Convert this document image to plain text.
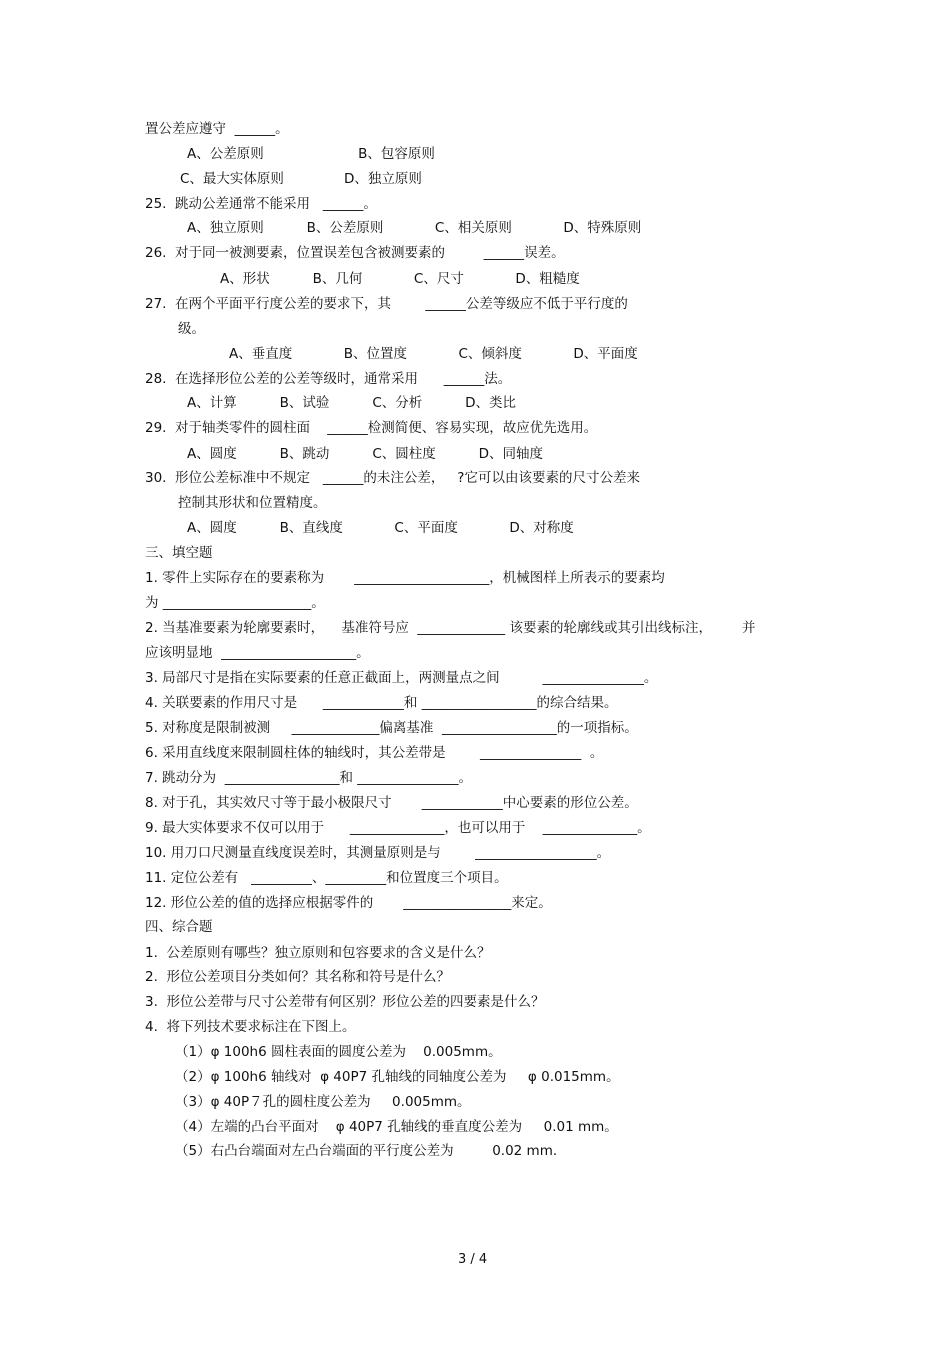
置公差应遵守  ______。
A、公差原则                      B、包容原则
C、最大实体原则              D、独立原则
25.  跳动公差通常不能采用   ______。
A、独立原则          B、公差原则            C、相关原则            D、特殊原则
26.  对于同一被测要素，位置误差包含被测要素的         ______误差。
A、形状          B、几何            C、尺寸            D、粗糙度
27.  在两个平面平行度公差的要求下，其        ______公差等级应不低于平行度的
级。
A、垂直度            B、位置度            C、倾斜度            D、平面度
28.  在选择形位公差的公差等级时，通常采用      ______法。
A、计算          B、试验          C、分析          D、类比
29.  对于轴类零件的圆柱面    ______检测简便、容易实现，故应优先选用。
A、圆度          B、跳动          C、圆柱度          D、同轴度
30.  形位公差标准中不规定   ______的未注公差，   ?它可以由该要素的尺寸公差来
控制其形状和位置精度。
A、圆度          B、直线度            C、平面度            D、对称度
三、填空题
1. 零件上实际存在的要素称为       ____________________，机械图样上所表示的要素均
为 ______________________。
2. 当基准要素为轮廓要素时，    基准符号应  _____________ 该要素的轮廓线或其引出线标注，       并
应该明显地  ____________________。
3. 局部尺寸是指在实际要素的任意正截面上，两测量点之间          _______________。
4. 关联要素的作用尺寸是      ____________和 _________________的综合结果。
5. 对称度是限制被测     _____________偏离基准  _________________的一项指标。
6. 采用直线度来限制圆柱体的轴线时，其公差带是        _______________  。
7. 跳动分为  _________________和 _______________。
8. 对于孔，其实效尺寸等于最小极限尺寸       ____________中心要素的形位公差。
9. 最大实体要求不仅可以用于      ______________，也可以用于    ______________。
10. 用刀口尺测量直线度误差时，其测量原则是与        __________________。
11. 定位公差有   _________、_________和位置度三个项目。
12. 形位公差的值的选择应根据零件的       ________________来定。
四、综合题
1.  公差原则有哪些？独立原则和包容要求的含义是什么？
2.  形位公差项目分类如何？其名称和符号是什么？
3.  形位公差带与尺寸公差带有何区别？形位公差的四要素是什么？
4.  将下列技术要求标注在下图上。
（1）φ 100h6 圆柱表面的圆度公差为    0.005mm。
（2）φ 100h6 轴线对  φ 40P7 孔轴线的同轴度公差为     φ 0.015mm。
（3）φ 40P７孔的圆柱度公差为     0.005mm。
（4）左端的凸台平面对    φ 40P7 孔轴线的垂直度公差为     0.01 mm。
（5）右凸台端面对左凸台端面的平行度公差为         0.02 mm.
3 / 4
